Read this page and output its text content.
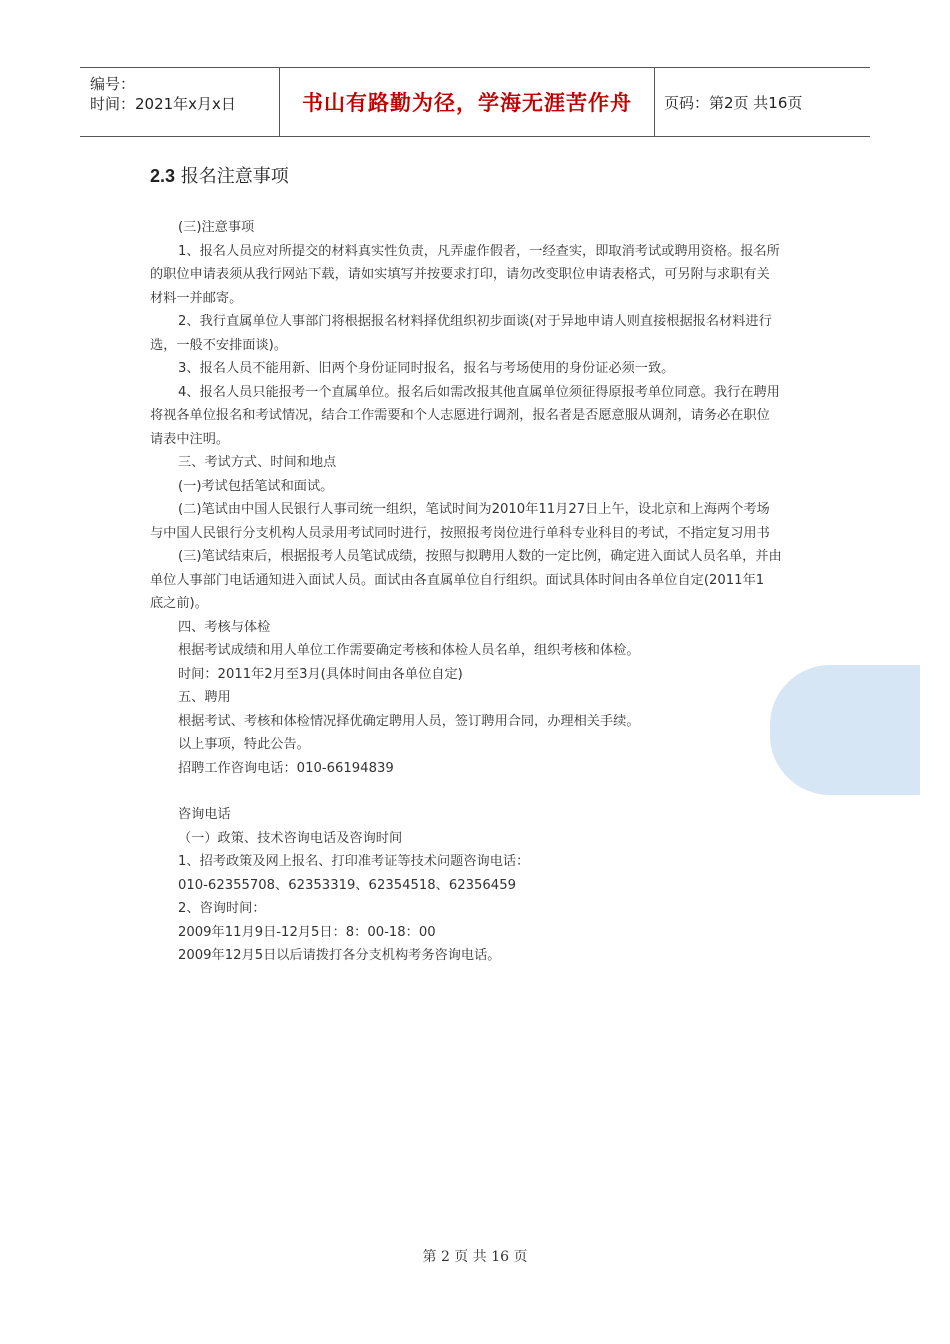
编号：
时间：2021年x月x日	书山有路勤为径，学海无涯苦作舟	页码：第2页 共16页
2.3 报名注意事项
(三)注意事项
1、报名人员应对所提交的材料真实性负责，凡弄虚作假者，一经查实，即取消考试或聘用资格。报名所
的职位申请表须从我行网站下载，请如实填写并按要求打印，请勿改变职位申请表格式，可另附与求职有关
材料一并邮寄。
2、我行直属单位人事部门将根据报名材料择优组织初步面谈(对于异地申请人则直接根据报名材料进行
选，一般不安排面谈)。
3、报名人员不能用新、旧两个身份证同时报名，报名与考场使用的身份证必须一致。
4、报名人员只能报考一个直属单位。报名后如需改报其他直属单位须征得原报考单位同意。我行在聘用
将视各单位报名和考试情况，结合工作需要和个人志愿进行调剂，报名者是否愿意服从调剂，请务必在职位
请表中注明。
三、考试方式、时间和地点
(一)考试包括笔试和面试。
(二)笔试由中国人民银行人事司统一组织，笔试时间为2010年11月27日上午，设北京和上海两个考场
与中国人民银行分支机构人员录用考试同时进行，按照报考岗位进行单科专业科目的考试，不指定复习用书
(三)笔试结束后，根据报考人员笔试成绩，按照与拟聘用人数的一定比例，确定进入面试人员名单，并由
单位人事部门电话通知进入面试人员。面试由各直属单位自行组织。面试具体时间由各单位自定(2011年1
底之前)。
四、考核与体检
根据考试成绩和用人单位工作需要确定考核和体检人员名单，组织考核和体检。
时间：2011年2月至3月(具体时间由各单位自定)
五、聘用
根据考试、考核和体检情况择优确定聘用人员，签订聘用合同，办理相关手续。
以上事项，特此公告。
招聘工作咨询电话：010-66194839
咨询电话
（一）政策、技术咨询电话及咨询时间
1、招考政策及网上报名、打印准考证等技术问题咨询电话：
010-62355708、62353319、62354518、62356459
2、咨询时间：
2009年11月9日-12月5日：8：00-18：00
2009年12月5日以后请拨打各分支机构考务咨询电话。
第 2 页 共 16 页
